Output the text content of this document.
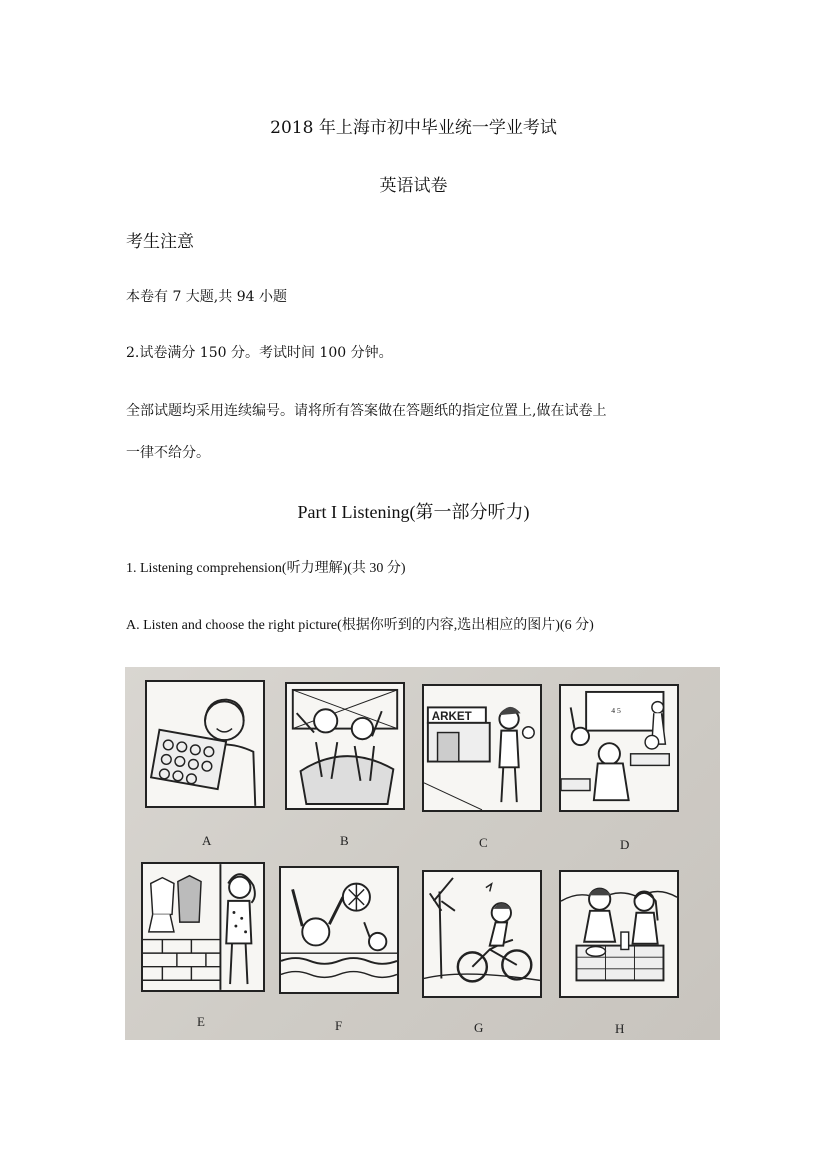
2018 年上海市初中毕业统一学业考试
英语试卷
考生注意
本卷有 7 大题,共 94 小题
2.试卷满分 150 分。考试时间 100 分钟。
全部试题均采用连续编号。请将所有答案做在答题纸的指定位置上,做在试卷上
一律不给分。
Part I Listening(第一部分听力)
1. Listening comprehension(听力理解)(共 30 分)
A. Listen and choose the right picture(根据你听到的内容,选出相应的图片)(6 分)
ARKET	4 5
A	B	C	D
E	F	G	H
